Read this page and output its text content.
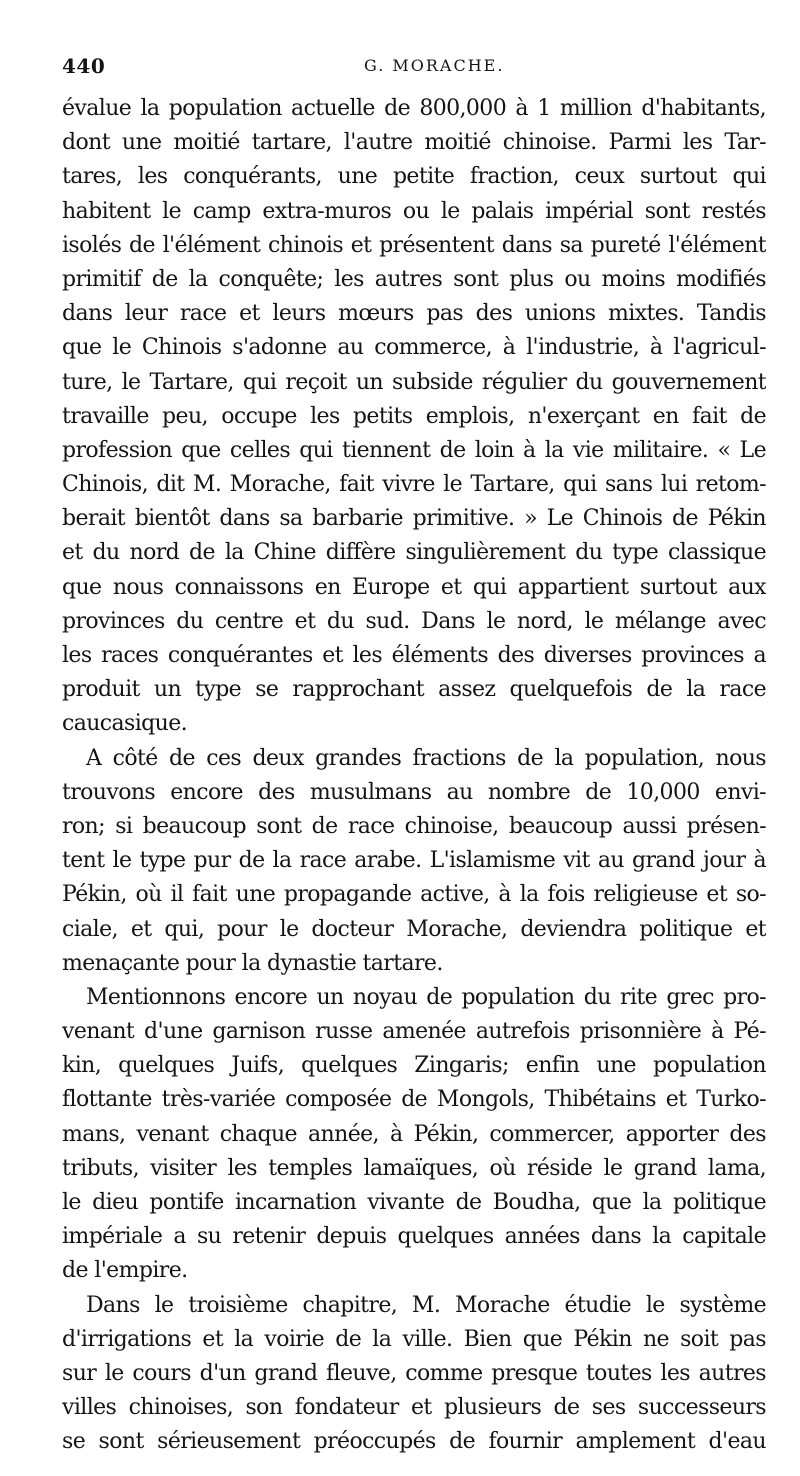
440	G. MORACHE.
évalue la population actuelle de 800,000 à 1 million d'habitants,
dont une moitié tartare, l'autre moitié chinoise. Parmi les Tar-
tares, les conquérants, une petite fraction, ceux surtout qui
habitent le camp extra-muros ou le palais impérial sont restés
isolés de l'élément chinois et présentent dans sa pureté l'élément
primitif de la conquête; les autres sont plus ou moins modifiés
dans leur race et leurs mœurs pas des unions mixtes. Tandis
que le Chinois s'adonne au commerce, à l'industrie, à l'agricul-
ture, le Tartare, qui reçoit un subside régulier du gouvernement
travaille peu, occupe les petits emplois, n'exerçant en fait de
profession que celles qui tiennent de loin à la vie militaire. « Le
Chinois, dit M. Morache, fait vivre le Tartare, qui sans lui retom-
berait bientôt dans sa barbarie primitive. » Le Chinois de Pékin
et du nord de la Chine diffère singulièrement du type classique
que nous connaissons en Europe et qui appartient surtout aux
provinces du centre et du sud. Dans le nord, le mélange avec
les races conquérantes et les éléments des diverses provinces a
produit un type se rapprochant assez quelquefois de la race
caucasique.
A côté de ces deux grandes fractions de la population, nous
trouvons encore des musulmans au nombre de 10,000 envi-
ron; si beaucoup sont de race chinoise, beaucoup aussi présen-
tent le type pur de la race arabe. L'islamisme vit au grand jour à
Pékin, où il fait une propagande active, à la fois religieuse et so-
ciale, et qui, pour le docteur Morache, deviendra politique et
menaçante pour la dynastie tartare.
Mentionnons encore un noyau de population du rite grec pro-
venant d'une garnison russe amenée autrefois prisonnière à Pé-
kin, quelques Juifs, quelques Zingaris; enfin une population
flottante très-variée composée de Mongols, Thibétains et Turko-
mans, venant chaque année, à Pékin, commercer, apporter des
tributs, visiter les temples lamaïques, où réside le grand lama,
le dieu pontife incarnation vivante de Boudha, que la politique
impériale a su retenir depuis quelques années dans la capitale
de l'empire.
Dans le troisième chapitre, M. Morache étudie le système
d'irrigations et la voirie de la ville. Bien que Pékin ne soit pas
sur le cours d'un grand fleuve, comme presque toutes les autres
villes chinoises, son fondateur et plusieurs de ses successeurs
se sont sérieusement préoccupés de fournir amplement d'eau
